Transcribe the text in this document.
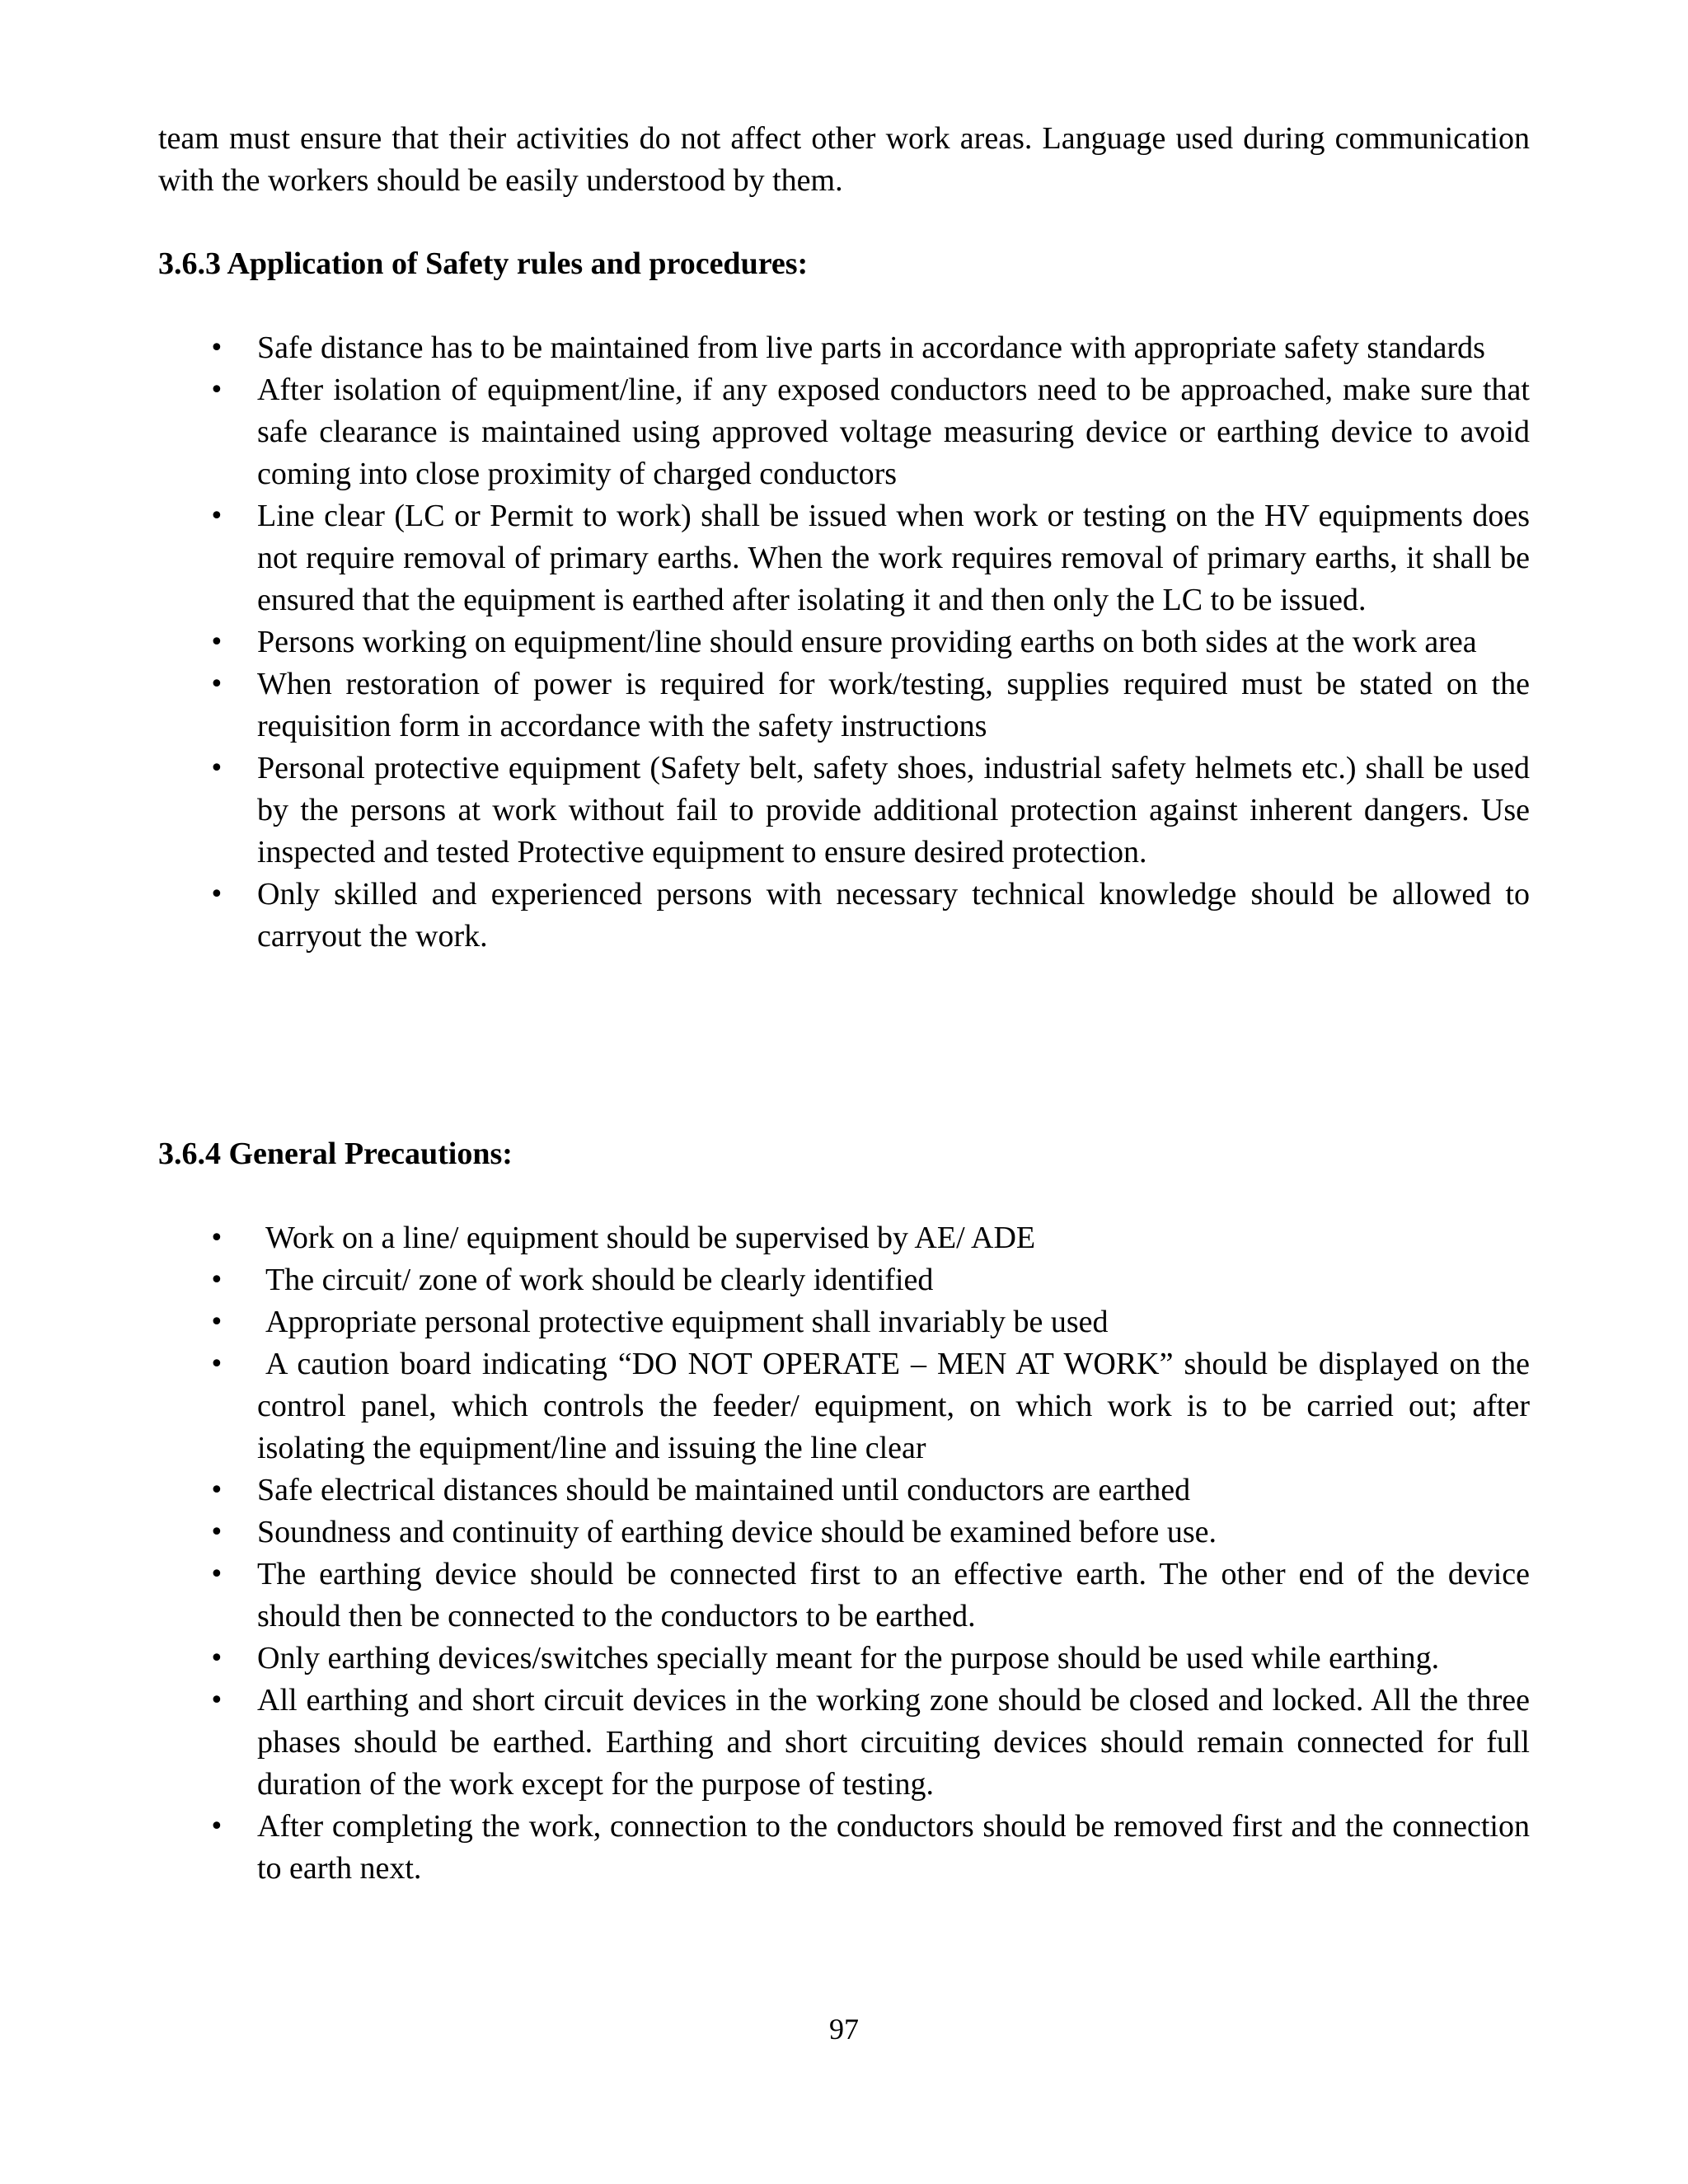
team must ensure that their activities do not affect other work areas. Language used during communication with the workers should be easily understood by them.

3.6.3 Application of Safety rules and procedures:
• Safe distance has to be maintained from live parts in accordance with appropriate safety standards
• After isolation of equipment/line, if any exposed conductors need to be approached, make sure that safe clearance is maintained using approved voltage measuring device or earthing device to avoid coming into close proximity of charged conductors
• Line clear (LC or Permit to work) shall be issued when work or testing on the HV equipments does not require removal of primary earths. When the work requires removal of primary earths, it shall be ensured that the equipment is earthed after isolating it and then only the LC to be issued.
• Persons working on equipment/line should ensure providing earths on both sides at the work area
• When restoration of power is required for work/testing, supplies required must be stated on the requisition form in accordance with the safety instructions
• Personal protective equipment (Safety belt, safety shoes, industrial safety helmets etc.) shall be used by the persons at work without fail to provide additional protection against inherent dangers. Use inspected and tested Protective equipment to ensure desired protection.
• Only skilled and experienced persons with necessary technical knowledge should be allowed to carryout the work.
3.6.4 General Precautions:
• Work on a line/ equipment should be supervised by AE/ ADE
• The circuit/ zone of work should be clearly identified
• Appropriate personal protective equipment shall invariably be used
• A caution board indicating “DO NOT OPERATE – MEN AT WORK” should be displayed on the control panel, which controls the feeder/ equipment, on which work is to be carried out; after isolating the equipment/line and issuing the line clear
• Safe electrical distances should be maintained until conductors are earthed
• Soundness and continuity of earthing device should be examined before use.
• The earthing device should be connected first to an effective earth. The other end of the device should then be connected to the conductors to be earthed.
• Only earthing devices/switches specially meant for the purpose should be used while earthing.
• All earthing and short circuit devices in the working zone should be closed and locked. All the three phases should be earthed. Earthing and short circuiting devices should remain connected for full duration of the work except for the purpose of testing.
• After completing the work, connection to the conductors should be removed first and the connection to earth next.
97
